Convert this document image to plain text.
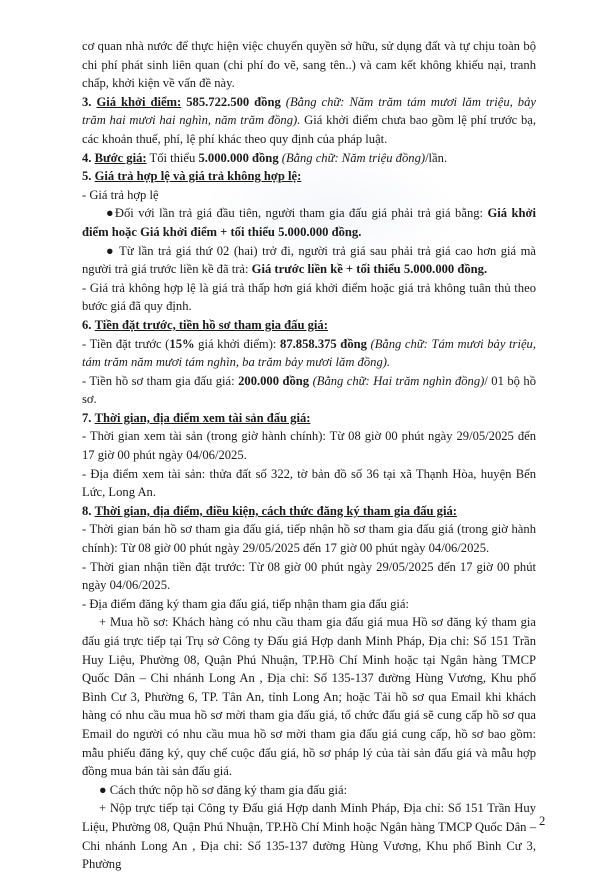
cơ quan nhà nước để thực hiện việc chuyển quyền sở hữu, sử dụng đất và tự chịu toàn bộ chi phí phát sinh liên quan (chi phí đo vẽ, sang tên..) và cam kết không khiếu nại, tranh chấp, khởi kiện về vấn đề này.

3. Giá khởi điểm: 585.722.500 đồng (Bằng chữ: Năm trăm tám mươi lăm triệu, bảy trăm hai mươi hai nghìn, năm trăm đồng). Giá khởi điểm chưa bao gồm lệ phí trước bạ, các khoản thuế, phí, lệ phí khác theo quy định của pháp luật.

4. Bước giá: Tối thiểu 5.000.000 đồng (Bằng chữ: Năm triệu đồng)/lần.

5. Giá trả hợp lệ và giá trả không hợp lệ:

- Giá trả hợp lệ

●Đối với lần trả giá đầu tiên, người tham gia đấu giá phải trả giá bằng: Giá khởi điểm hoặc Giá khởi điểm + tối thiểu 5.000.000 đồng.

● Từ lần trả giá thứ 02 (hai) trở đi, người trả giá sau phải trả giá cao hơn giá mà người trả giá trước liền kề đã trả: Giá trước liền kề + tối thiểu 5.000.000 đồng.

- Giá trả không hợp lệ là giá trả thấp hơn giá khởi điểm hoặc giá trả không tuân thủ theo bước giá đã quy định.

6. Tiền đặt trước, tiền hồ sơ tham gia đấu giá:

- Tiền đặt trước (15% giá khởi điểm): 87.858.375 đồng (Bằng chữ: Tám mươi bảy triệu, tám trăm năm mươi tám nghìn, ba trăm bảy mươi lăm đồng).

- Tiền hồ sơ tham gia đấu giá: 200.000 đồng (Bằng chữ: Hai trăm nghìn đồng)/ 01 bộ hồ sơ.

7. Thời gian, địa điểm xem tài sản đấu giá:

- Thời gian xem tài sản (trong giờ hành chính): Từ 08 giờ 00 phút ngày 29/05/2025 đến 17 giờ 00 phút ngày 04/06/2025.

- Địa điểm xem tài sản: thửa đất số 322, tờ bản đồ số 36 tại xã Thạnh Hòa, huyện Bến Lức, Long An.

8. Thời gian, địa điểm, điều kiện, cách thức đăng ký tham gia đấu giá:

- Thời gian bán hồ sơ tham gia đấu giá, tiếp nhận hồ sơ tham gia đấu giá (trong giờ hành chính): Từ 08 giờ 00 phút ngày 29/05/2025 đến 17 giờ 00 phút ngày 04/06/2025.

- Thời gian nhận tiền đặt trước: Từ 08 giờ 00 phút ngày 29/05/2025 đến 17 giờ 00 phút ngày 04/06/2025.

- Địa điểm đăng ký tham gia đấu giá, tiếp nhận tham gia đấu giá:

+ Mua hồ sơ: Khách hàng có nhu cầu tham gia đấu giá mua Hồ sơ đăng ký tham gia đấu giá trực tiếp tại Trụ sở Công ty Đấu giá Hợp danh Minh Pháp, Địa chỉ: Số 151 Trần Huy Liệu, Phường 08, Quận Phú Nhuận, TP.Hồ Chí Minh hoặc tại Ngân hàng TMCP Quốc Dân – Chi nhánh Long An , Địa chỉ: Số 135-137 đường Hùng Vương, Khu phố Bình Cư 3, Phường 6, TP. Tân An, tỉnh Long An; hoặc Tải hồ sơ qua Email khi khách hàng có nhu cầu mua hồ sơ mời tham gia đấu giá, tổ chức đấu giá sẽ cung cấp hồ sơ qua Email do người có nhu cầu mua hồ sơ mời tham gia đấu giá cung cấp, hồ sơ bao gồm: mẫu phiếu đăng ký, quy chế cuộc đấu giá, hồ sơ pháp lý của tài sản đấu giá và mẫu hợp đồng mua bán tài sản đấu giá.

● Cách thức nộp hồ sơ đăng ký tham gia đấu giá:

+ Nộp trực tiếp tại Công ty Đấu giá Hợp danh Minh Pháp, Địa chỉ: Số 151 Trần Huy Liệu, Phường 08, Quận Phú Nhuận, TP.Hồ Chí Minh hoặc Ngân hàng TMCP Quốc Dân – Chi nhánh Long An , Địa chỉ: Số 135-137 đường Hùng Vương, Khu phố Bình Cư 3, Phường

2
